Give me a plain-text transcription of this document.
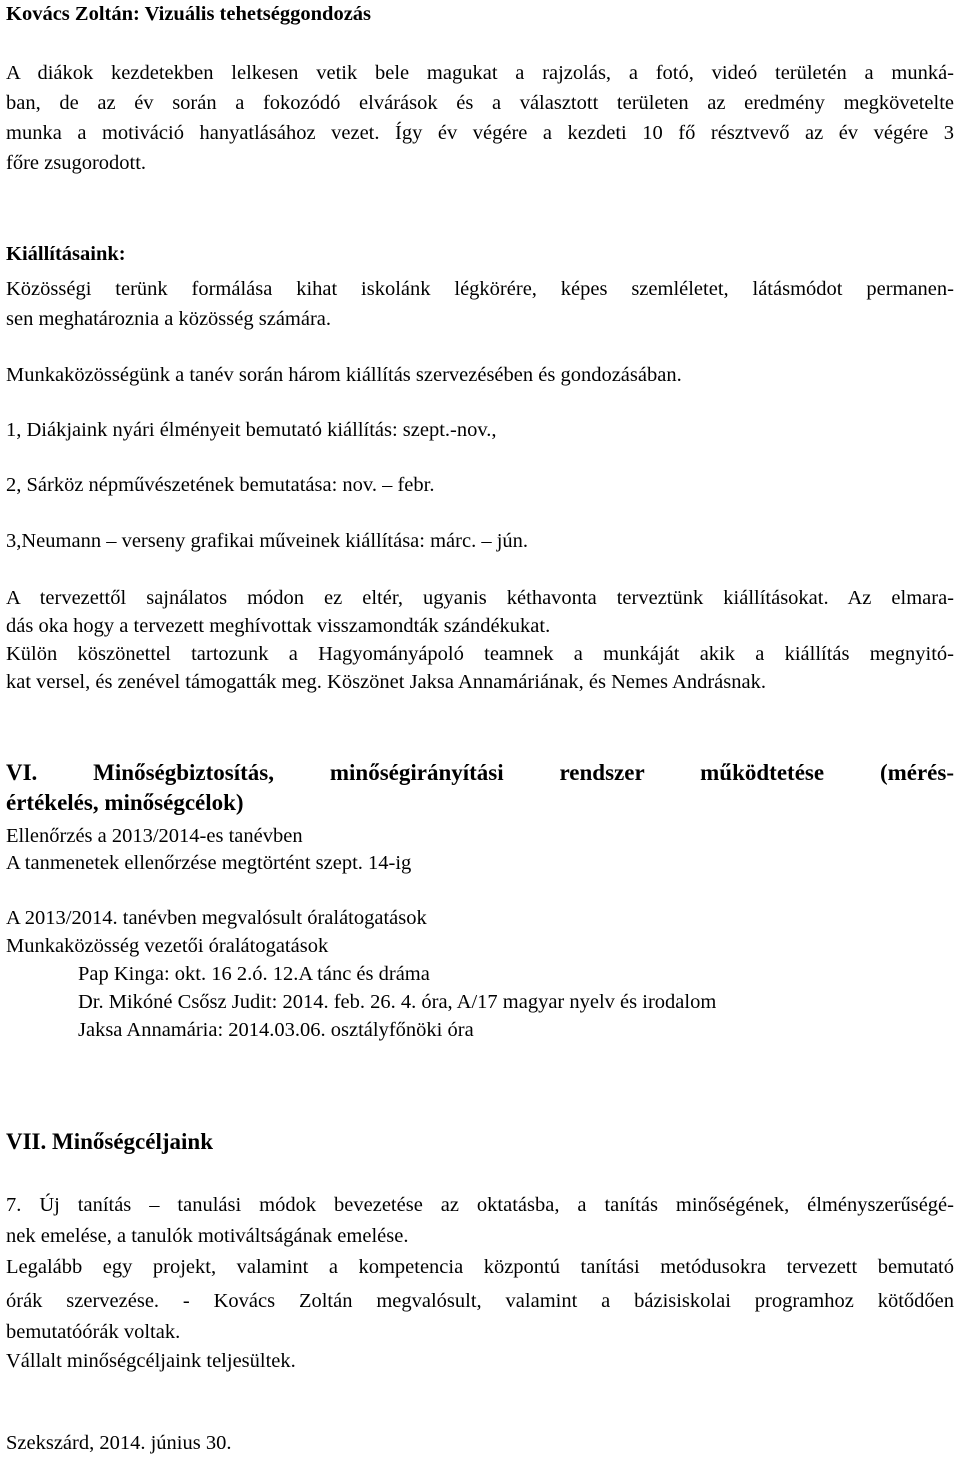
Kovács Zoltán: Vizuális tehetséggondozás
A diákok kezdetekben lelkesen vetik bele magukat a rajzolás, a fotó, videó területén a munká-
ban, de az év során a fokozódó elvárások és a választott területen az eredmény megkövetelte
munka a motiváció hanyatlásához vezet. Így év végére a kezdeti 10 fő résztvevő az év végére 3
főre zsugorodott.
Kiállításaink:
Közösségi terünk formálása kihat iskolánk légkörére, képes szemléletet, látásmódot permanen-
sen meghatároznia a közösség számára.
Munkaközösségünk a tanév során három kiállítás szervezésében és gondozásában.
1, Diákjaink nyári élményeit bemutató kiállítás: szept.-nov.,
2, Sárköz népművészetének bemutatása: nov. – febr.
3,Neumann – verseny grafikai műveinek kiállítása: márc. – jún.
A tervezettől sajnálatos módon ez eltér, ugyanis kéthavonta terveztünk kiállításokat. Az elmara-
dás oka hogy a tervezett meghívottak visszamondták szándékukat.
Külön köszönettel tartozunk a Hagyományápoló teamnek a munkáját akik a kiállítás megnyitó-
kat versel, és zenével támogatták meg. Köszönet Jaksa Annamáriának, és Nemes Andrásnak.
VI. Minőségbiztosítás, minőségirányítási rendszer működtetése (mérés-
értékelés, minőségcélok)
Ellenőrzés a 2013/2014-es tanévben
A tanmenetek ellenőrzése megtörtént szept. 14-ig
A 2013/2014. tanévben megvalósult óralátogatások
Munkaközösség vezetői óralátogatások
Pap Kinga: okt. 16 2.ó. 12.A tánc és dráma
Dr. Mikóné Csősz Judit: 2014. feb. 26. 4. óra, A/17 magyar nyelv és irodalom
Jaksa Annamária: 2014.03.06. osztályfőnöki óra
VII. Minőségcéljaink
7. Új tanítás – tanulási módok bevezetése az oktatásba, a tanítás minőségének, élményszerűségé-
nek emelése, a tanulók motiváltságának emelése.
Legalább egy projekt, valamint a kompetencia központú tanítási metódusokra tervezett bemutató
órák szervezése. - Kovács Zoltán megvalósult, valamint a bázisiskolai programhoz kötődően
bemutatóórák voltak.
Vállalt minőségcéljaink teljesültek.
Szekszárd, 2014. június 30.
